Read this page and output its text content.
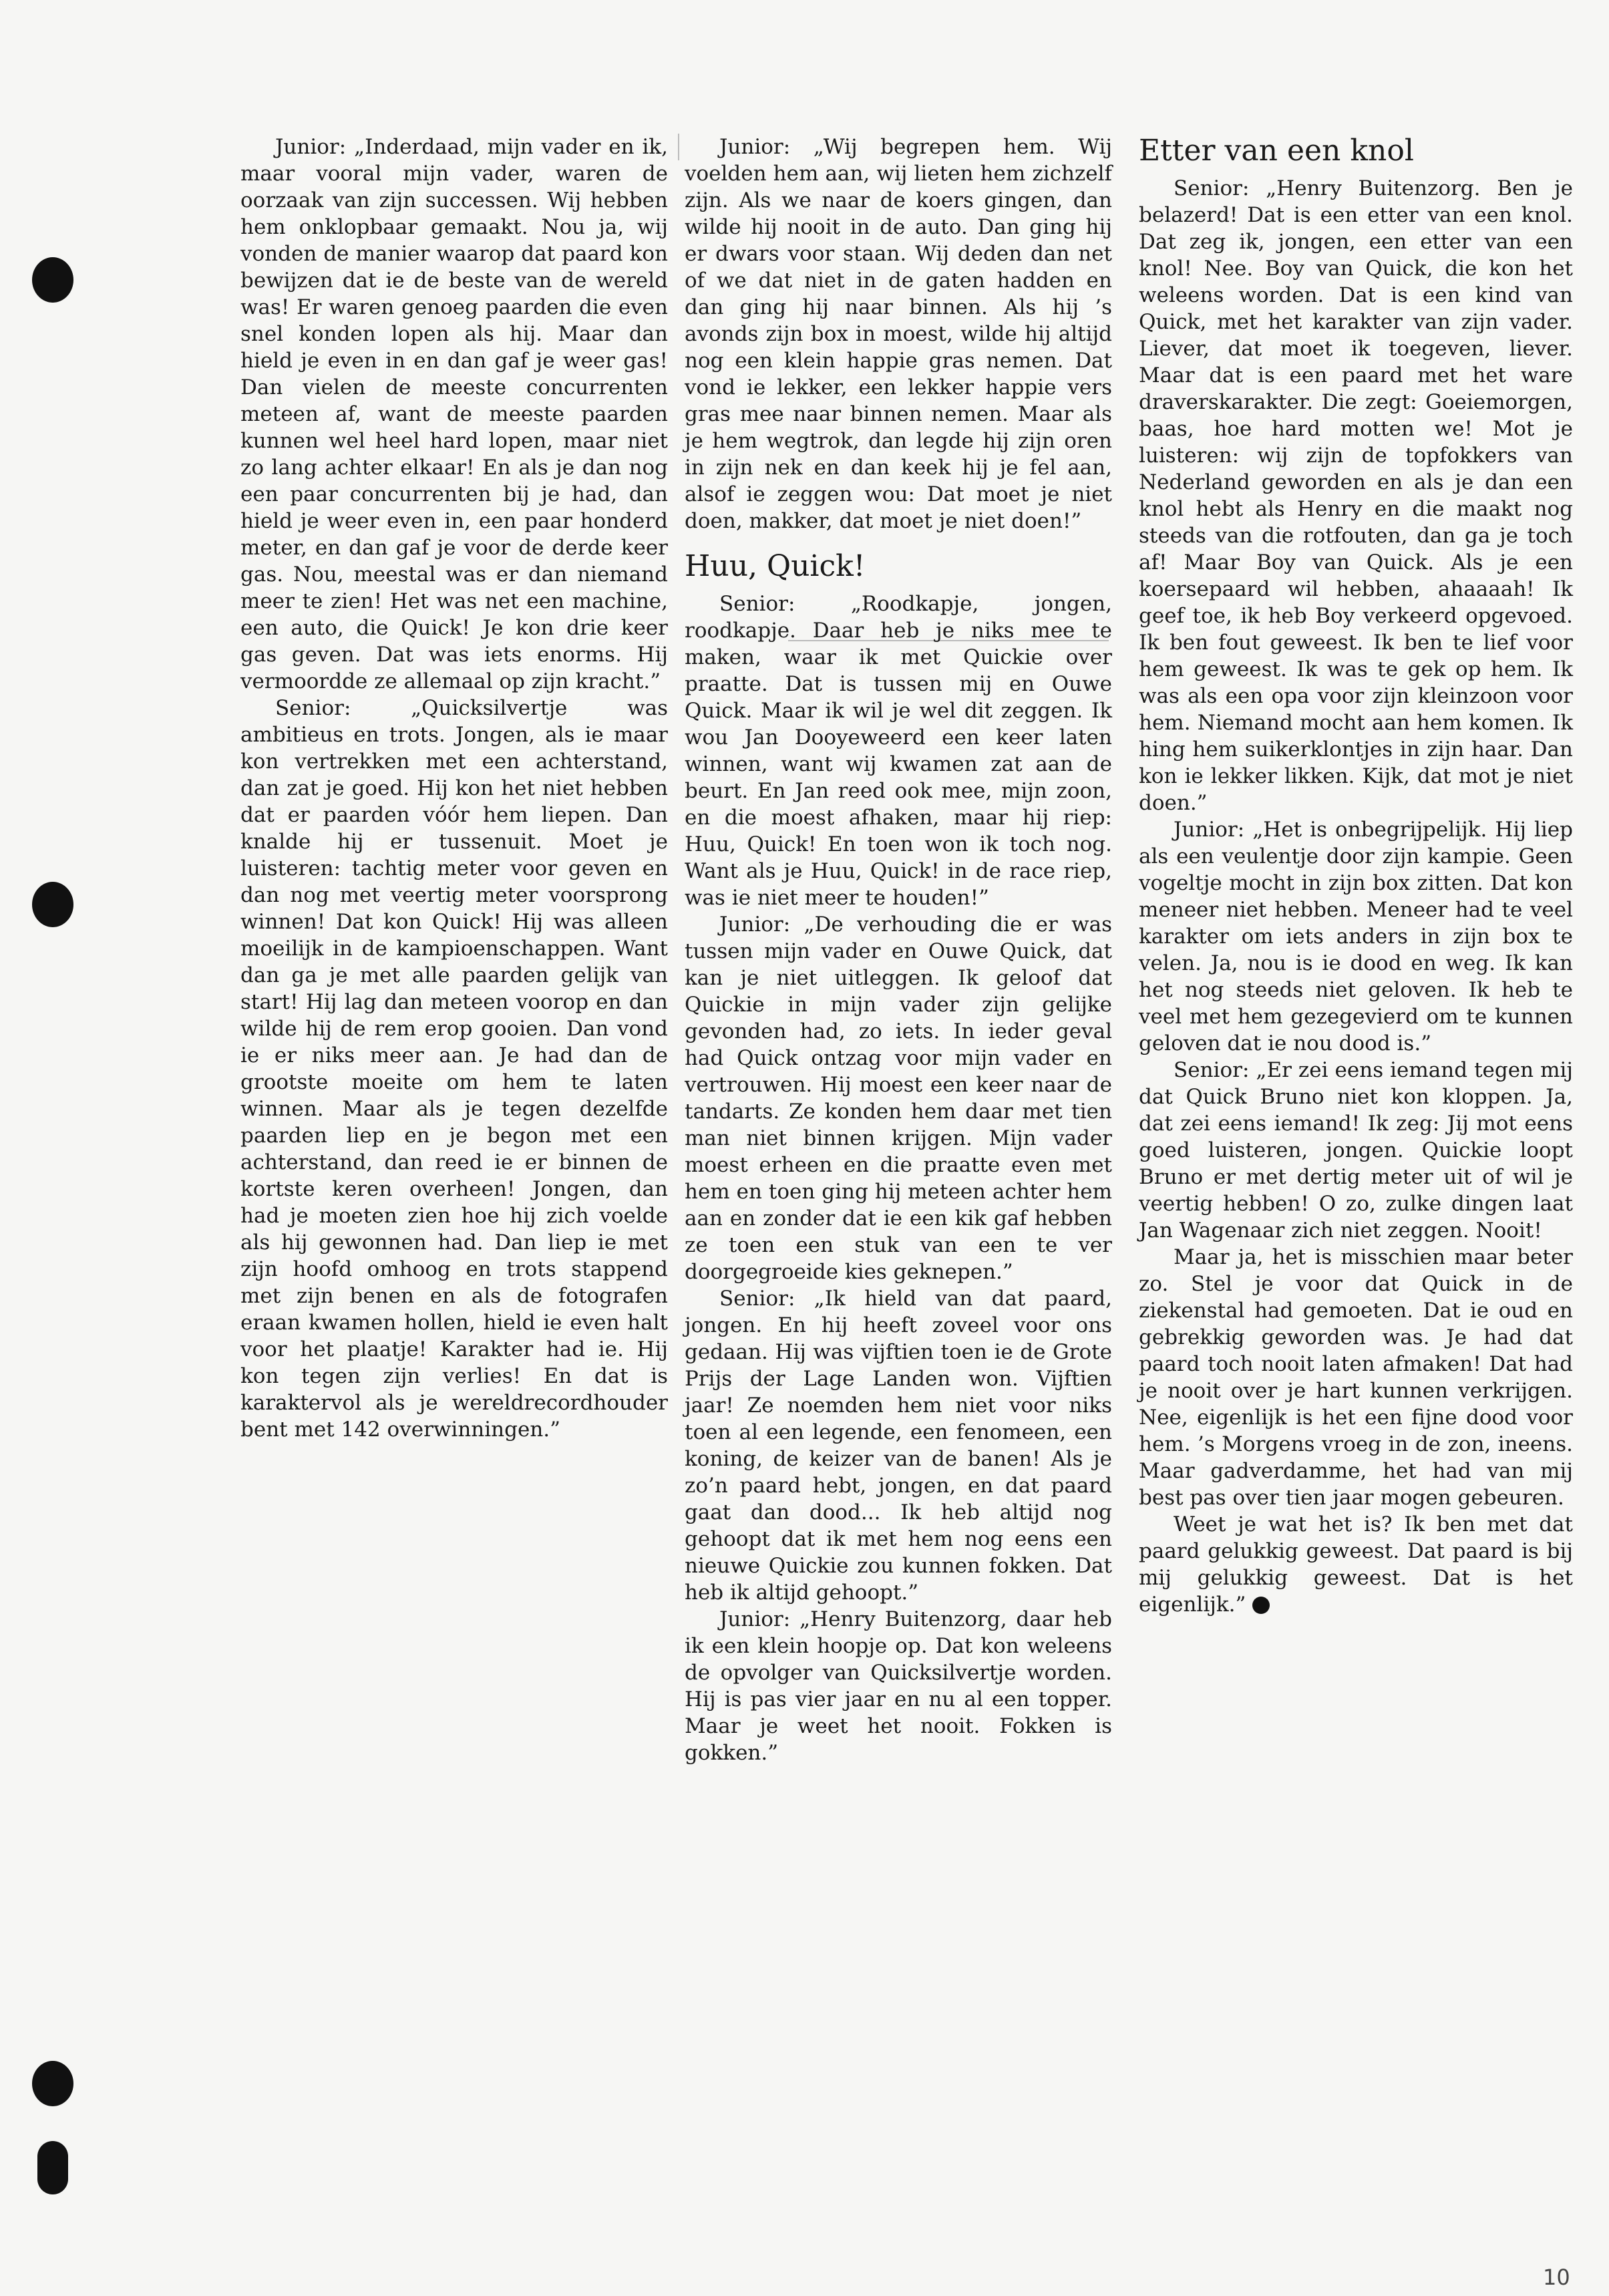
Junior: „Inderdaad, mijn vader en ik, maar vooral mijn vader, waren de oorzaak van zijn successen. Wij hebben hem onklopbaar gemaakt. Nou ja, wij vonden de manier waarop dat paard kon bewijzen dat ie de beste van de wereld was! Er waren genoeg paarden die even snel konden lopen als hij. Maar dan hield je even in en dan gaf je weer gas! Dan vielen de meeste concurrenten meteen af, want de meeste paarden kunnen wel heel hard lopen, maar niet zo lang achter elkaar! En als je dan nog een paar concurrenten bij je had, dan hield je weer even in, een paar honderd meter, en dan gaf je voor de derde keer gas. Nou, meestal was er dan niemand meer te zien! Het was net een machine, een auto, die Quick! Je kon drie keer gas geven. Dat was iets enorms. Hij vermoordde ze allemaal op zijn kracht.”

Senior: „Quicksilvertje was ambitieus en trots. Jongen, als ie maar kon vertrekken met een achterstand, dan zat je goed. Hij kon het niet hebben dat er paarden vóór hem liepen. Dan knalde hij er tussenuit. Moet je luisteren: tachtig meter voor geven en dan nog met veertig meter voorsprong winnen! Dat kon Quick! Hij was alleen moeilijk in de kampioenschappen. Want dan ga je met alle paarden gelijk van start! Hij lag dan meteen voorop en dan wilde hij de rem erop gooien. Dan vond ie er niks meer aan. Je had dan de grootste moeite om hem te laten winnen. Maar als je tegen dezelfde paarden liep en je begon met een achterstand, dan reed ie er binnen de kortste keren overheen! Jongen, dan had je moeten zien hoe hij zich voelde als hij gewonnen had. Dan liep ie met zijn hoofd omhoog en trots stappend met zijn benen en als de fotografen eraan kwamen hollen, hield ie even halt voor het plaatje! Karakter had ie. Hij kon tegen zijn verlies! En dat is karaktervol als je wereldrecordhouder bent met 142 overwinningen.”

Junior: „Wij begrepen hem. Wij voelden hem aan, wij lieten hem zichzelf zijn. Als we naar de koers gingen, dan wilde hij nooit in de auto. Dan ging hij er dwars voor staan. Wij deden dan net of we dat niet in de gaten hadden en dan ging hij naar binnen. Als hij ’s avonds zijn box in moest, wilde hij altijd nog een klein happie gras nemen. Dat vond ie lekker, een lekker happie vers gras mee naar binnen nemen. Maar als je hem wegtrok, dan legde hij zijn oren in zijn nek en dan keek hij je fel aan, alsof ie zeggen wou: Dat moet je niet doen, makker, dat moet je niet doen!”

Huu, Quick!

Senior: „Roodkapje, jongen, roodkapje. Daar heb je niks mee te maken, waar ik met Quickie over praatte. Dat is tussen mij en Ouwe Quick. Maar ik wil je wel dit zeggen. Ik wou Jan Dooyeweerd een keer laten winnen, want wij kwamen zat aan de beurt. En Jan reed ook mee, mijn zoon, en die moest afhaken, maar hij riep: Huu, Quick! En toen won ik toch nog. Want als je Huu, Quick! in de race riep, was ie niet meer te houden!”

Junior: „De verhouding die er was tussen mijn vader en Ouwe Quick, dat kan je niet uitleggen. Ik geloof dat Quickie in mijn vader zijn gelijke gevonden had, zo iets. In ieder geval had Quick ontzag voor mijn vader en vertrouwen. Hij moest een keer naar de tandarts. Ze konden hem daar met tien man niet binnen krijgen. Mijn vader moest erheen en die praatte even met hem en toen ging hij meteen achter hem aan en zonder dat ie een kik gaf hebben ze toen een stuk van een te ver doorgegroeide kies geknepen.”

Senior: „Ik hield van dat paard, jongen. En hij heeft zoveel voor ons gedaan. Hij was vijftien toen ie de Grote Prijs der Lage Landen won. Vijftien jaar! Ze noemden hem niet voor niks toen al een legende, een fenomeen, een koning, de keizer van de banen! Als je zo’n paard hebt, jongen, en dat paard gaat dan dood... Ik heb altijd nog gehoopt dat ik met hem nog eens een nieuwe Quickie zou kunnen fokken. Dat heb ik altijd gehoopt.”

Junior: „Henry Buitenzorg, daar heb ik een klein hoopje op. Dat kon weleens de opvolger van Quicksilvertje worden. Hij is pas vier jaar en nu al een topper. Maar je weet het nooit. Fokken is gokken.”

Etter van een knol

Senior: „Henry Buitenzorg. Ben je belazerd! Dat is een etter van een knol. Dat zeg ik, jongen, een etter van een knol! Nee. Boy van Quick, die kon het weleens worden. Dat is een kind van Quick, met het karakter van zijn vader. Liever, dat moet ik toegeven, liever. Maar dat is een paard met het ware draverskarakter. Die zegt: Goeiemorgen, baas, hoe hard motten we! Mot je luisteren: wij zijn de topfokkers van Nederland geworden en als je dan een knol hebt als Henry en die maakt nog steeds van die rotfouten, dan ga je toch af! Maar Boy van Quick. Als je een koersepaard wil hebben, ahaaaah! Ik geef toe, ik heb Boy verkeerd opgevoed. Ik ben fout geweest. Ik ben te lief voor hem geweest. Ik was te gek op hem. Ik was als een opa voor zijn kleinzoon voor hem. Niemand mocht aan hem komen. Ik hing hem suikerklontjes in zijn haar. Dan kon ie lekker likken. Kijk, dat mot je niet doen.”

Junior: „Het is onbegrijpelijk. Hij liep als een veulentje door zijn kampie. Geen vogeltje mocht in zijn box zitten. Dat kon meneer niet hebben. Meneer had te veel karakter om iets anders in zijn box te velen. Ja, nou is ie dood en weg. Ik kan het nog steeds niet geloven. Ik heb te veel met hem gezegevierd om te kunnen geloven dat ie nou dood is.”

Senior: „Er zei eens iemand tegen mij dat Quick Bruno niet kon kloppen. Ja, dat zei eens iemand! Ik zeg: Jij mot eens goed luisteren, jongen. Quickie loopt Bruno er met dertig meter uit of wil je veertig hebben! O zo, zulke dingen laat Jan Wagenaar zich niet zeggen. Nooit!

Maar ja, het is misschien maar beter zo. Stel je voor dat Quick in de ziekenstal had gemoeten. Dat ie oud en gebrekkig geworden was. Je had dat paard toch nooit laten afmaken! Dat had je nooit over je hart kunnen verkrijgen. Nee, eigenlijk is het een fijne dood voor hem. ’s Morgens vroeg in de zon, ineens. Maar gadverdamme, het had van mij best pas over tien jaar mogen gebeuren.

Weet je wat het is? Ik ben met dat paard gelukkig geweest. Dat paard is bij mij gelukkig geweest. Dat is het eigenlijk.”

10
